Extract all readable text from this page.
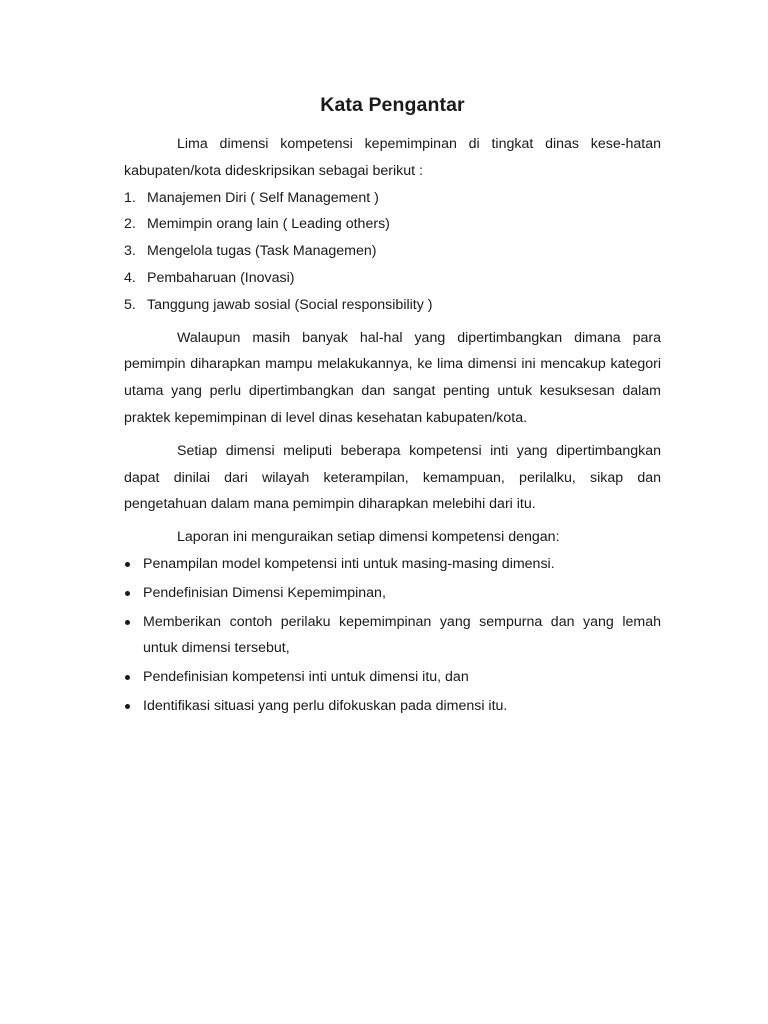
Kata Pengantar

Lima dimensi kompetensi kepemimpinan di tingkat dinas kese-hatan kabupaten/kota dideskripsikan sebagai berikut :

1. Manajemen Diri ( Self Management )
2. Memimpin orang lain ( Leading others)
3. Mengelola tugas (Task Managemen)
4. Pembaharuan (Inovasi)
5. Tanggung jawab sosial (Social responsibility )

Walaupun masih banyak hal-hal yang dipertimbangkan dimana para pemimpin diharapkan mampu melakukannya, ke lima dimensi ini mencakup kategori utama yang perlu dipertimbangkan dan sangat penting untuk kesuksesan dalam praktek kepemimpinan di level dinas kesehatan kabupaten/kota.

Setiap dimensi meliputi beberapa kompetensi inti yang dipertimbangkan dapat dinilai dari wilayah keterampilan, kemampuan, perilalku, sikap dan pengetahuan dalam mana pemimpin diharapkan melebihi dari itu.

Laporan ini menguraikan setiap dimensi kompetensi dengan:

Penampilan model kompetensi inti untuk masing-masing dimensi.
Pendefinisian Dimensi Kepemimpinan,
Memberikan contoh perilaku kepemimpinan yang sempurna dan yang lemah untuk dimensi tersebut,
Pendefinisian kompetensi inti untuk dimensi itu, dan
Identifikasi situasi yang perlu difokuskan pada dimensi itu.
